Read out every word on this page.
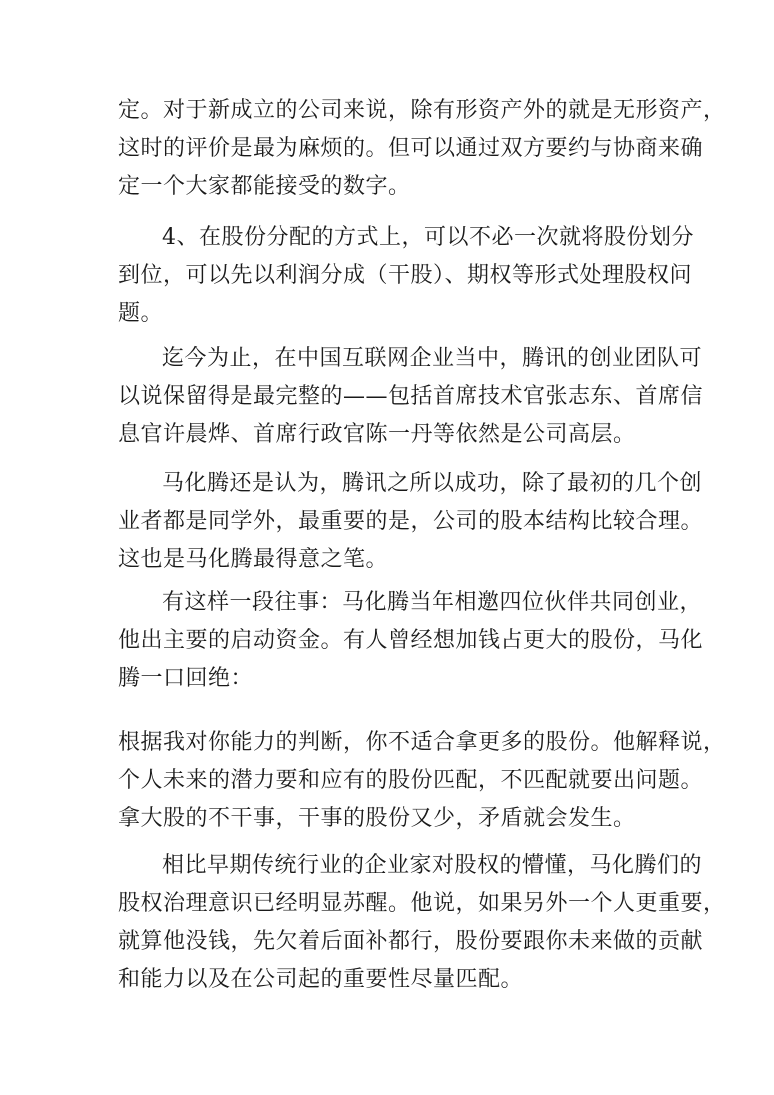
定。对于新成立的公司来说，除有形资产外的就是无形资产，
这时的评价是最为麻烦的。但可以通过双方要约与协商来确
定一个大家都能接受的数字。

4、在股份分配的方式上，可以不必一次就将股份划分
到位，可以先以利润分成（干股）、期权等形式处理股权问
题。

迄今为止，在中国互联网企业当中，腾讯的创业团队可
以说保留得是最完整的——包括首席技术官张志东、首席信
息官许晨烨、首席行政官陈一丹等依然是公司高层。

马化腾还是认为，腾讯之所以成功，除了最初的几个创
业者都是同学外，最重要的是，公司的股本结构比较合理。
这也是马化腾最得意之笔。

有这样一段往事：马化腾当年相邀四位伙伴共同创业，
他出主要的启动资金。有人曾经想加钱占更大的股份，马化
腾一口回绝：

根据我对你能力的判断，你不适合拿更多的股份。他解释说，
个人未来的潜力要和应有的股份匹配，不匹配就要出问题。
拿大股的不干事，干事的股份又少，矛盾就会发生。

相比早期传统行业的企业家对股权的懵懂，马化腾们的
股权治理意识已经明显苏醒。他说，如果另外一个人更重要，
就算他没钱，先欠着后面补都行，股份要跟你未来做的贡献
和能力以及在公司起的重要性尽量匹配。
